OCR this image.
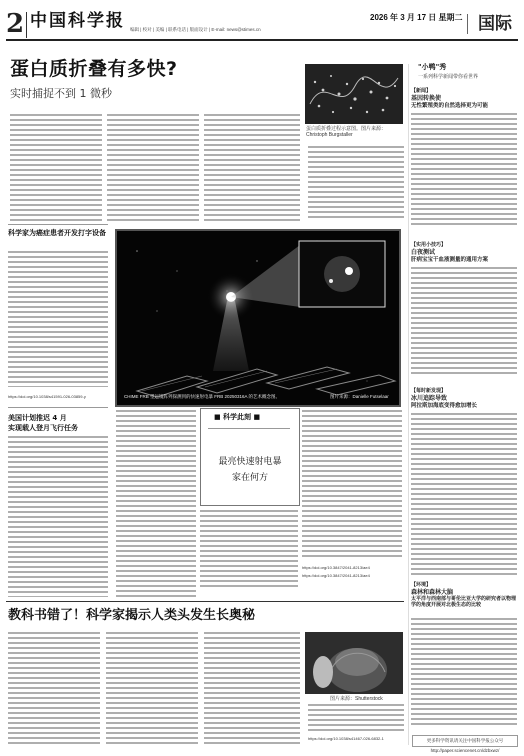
2 中国科学报	2026 年 3 月 17 日 星期二
编辑 | 校对 | 美编 | 联系电话 | 版面设计 | E-mail: news@stimes.cn	国际
蛋白质折叠有多快?
实时捕捉不到 1 微秒
蛋白质折叠过程示意图。图片来源：Christoph Burgstaller
科学家为癌症患者开发打字设备
https://doi.org/10.1038/s41591-026-03859-y
美国计划推迟 4 月
实现载人登月飞行任务
CHIME FRB 望远镜阵列探测到的快速射电暴 FRB 20250316A 的艺术概念图。	图片来源：Danielle Futselaar
■ 科学此刻 ■
最亮快速射电暴
家在何方
https://doi.org/10.3847/2041-8213/ae4
https://doi.org/10.3847/2041-8213/ae4
教科书错了！科学家揭示人类头发生长奥秘
图片来源：Shutterstock
https://doi.org/10.1038/s41467-026-6832-1
"小鸭"秀
一系列科学新闻带你看世界
【新闻】
基因转换使
无性繁殖类的自然选择更为可能
【实用小技巧】
白夜测试
肝病宝宝干血液测量的通用方案
【每时新发现】
冰川追踪导致
阿拉斯加海底变得愈加增长
【环境】
森林和森林大脑
太平洋与西南部与哥伦比亚大学的研究者以物理学的角度开展对北极生态的比较
更多科学资讯请关注中国科学报公众号 http://paper.sciencenet.cn/dzbxwz/
